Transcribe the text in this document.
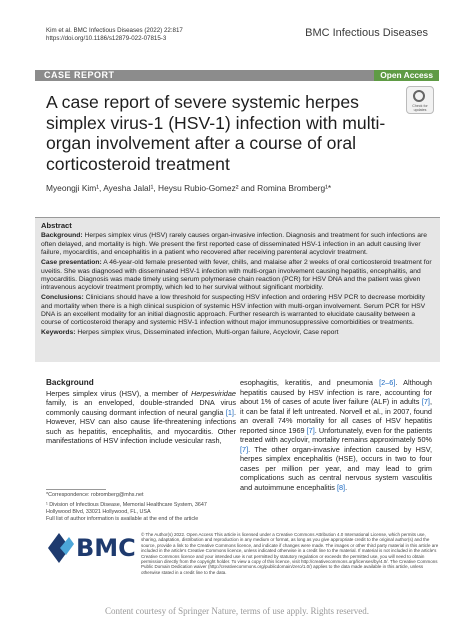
Kim et al. BMC Infectious Diseases (2022) 22:817
https://doi.org/10.1186/s12879-022-07815-3	BMC Infectious Diseases
CASE REPORT	Open Access
Check for updates
A case report of severe systemic herpes simplex virus-1 (HSV-1) infection with multi-organ involvement after a course of oral corticosteroid treatment
Myeongji Kim¹, Ayesha Jalal¹, Heysu Rubio-Gomez² and Romina Bromberg¹*
Abstract

Background: Herpes simplex virus (HSV) rarely causes organ-invasive infection. Diagnosis and treatment for such infections are often delayed, and mortality is high. We present the first reported case of disseminated HSV-1 infection in an adult causing liver failure, myocarditis, and encephalitis in a patient who recovered after receiving parenteral acyclovir treatment.

Case presentation: A 46-year-old female presented with fever, chills, and malaise after 2 weeks of oral corticosteroid treatment for uveitis. She was diagnosed with disseminated HSV-1 infection with multi-organ involvement causing hepatitis, encephalitis, and myocarditis. Diagnosis was made timely using serum polymerase chain reaction (PCR) for HSV DNA and the patient was given intravenous acyclovir treatment promptly, which led to her survival without significant morbidity.

Conclusions: Clinicians should have a low threshold for suspecting HSV infection and ordering HSV PCR to decrease morbidity and mortality when there is a high clinical suspicion of systemic HSV infection with multi-organ involvement. Serum PCR for HSV DNA is an excellent modality for an initial diagnostic approach. Further research is warranted to elucidate causality between a course of corticosteroid therapy and systemic HSV-1 infection without major immunosuppressive comorbidities or treatments.

Keywords: Herpes simplex virus, Disseminated infection, Multi-organ failure, Acyclovir, Case report

Background

Herpes simplex virus (HSV), a member of Herpesviridae family, is an enveloped, double-stranded DNA virus commonly causing dormant infection of neural ganglia [1]. However, HSV can also cause life-threatening infections such as hepatitis, encephalitis, and myocarditis. Other manifestations of HSV infection include vesicular rash,

esophagitis, keratitis, and pneumonia [2–6]. Although hepatitis caused by HSV infection is rare, accounting for about 1% of cases of acute liver failure (ALF) in adults [7], it can be fatal if left untreated. Norvell et al., in 2007, found an overall 74% mortality for all cases of HSV hepatitis reported since 1969 [7]. Unfortunately, even for the patients treated with acyclovir, mortality remains approximately 50% [7]. The other organ-invasive infection caused by HSV, herpes simplex encephalitis (HSE), occurs in two to four cases per million per year, and may lead to grim complications such as central nervous system vasculitis and autoimmune encephalitis [8].

*Correspondence: robromberg@mhs.net
¹ Division of Infectious Disease, Memorial Healthcare System, 3647 Hollywood Blvd, 33021 Hollywood, FL, USA
Full list of author information is available at the end of the article
BMC © The Author(s) 2022. Open Access This article is licensed under a Creative Commons Attribution 4.0 International License, which permits use, sharing, adaptation, distribution and reproduction in any medium or format, as long as you give appropriate credit to the original author(s) and the source, provide a link to the Creative Commons licence, and indicate if changes were made. The images or other third party material in this article are included in the article's Creative Commons licence, unless indicated otherwise in a credit line to the material. If material is not included in the article's Creative Commons licence and your intended use is not permitted by statutory regulation or exceeds the permitted use, you will need to obtain permission directly from the copyright holder. To view a copy of this licence, visit http://creativecommons.org/licenses/by/4.0/. The Creative Commons Public Domain Dedication waiver (http://creativecommons.org/publicdomain/zero/1.0/) applies to the data made available in this article, unless otherwise stated in a credit line to the data.
Content courtesy of Springer Nature, terms of use apply. Rights reserved.
